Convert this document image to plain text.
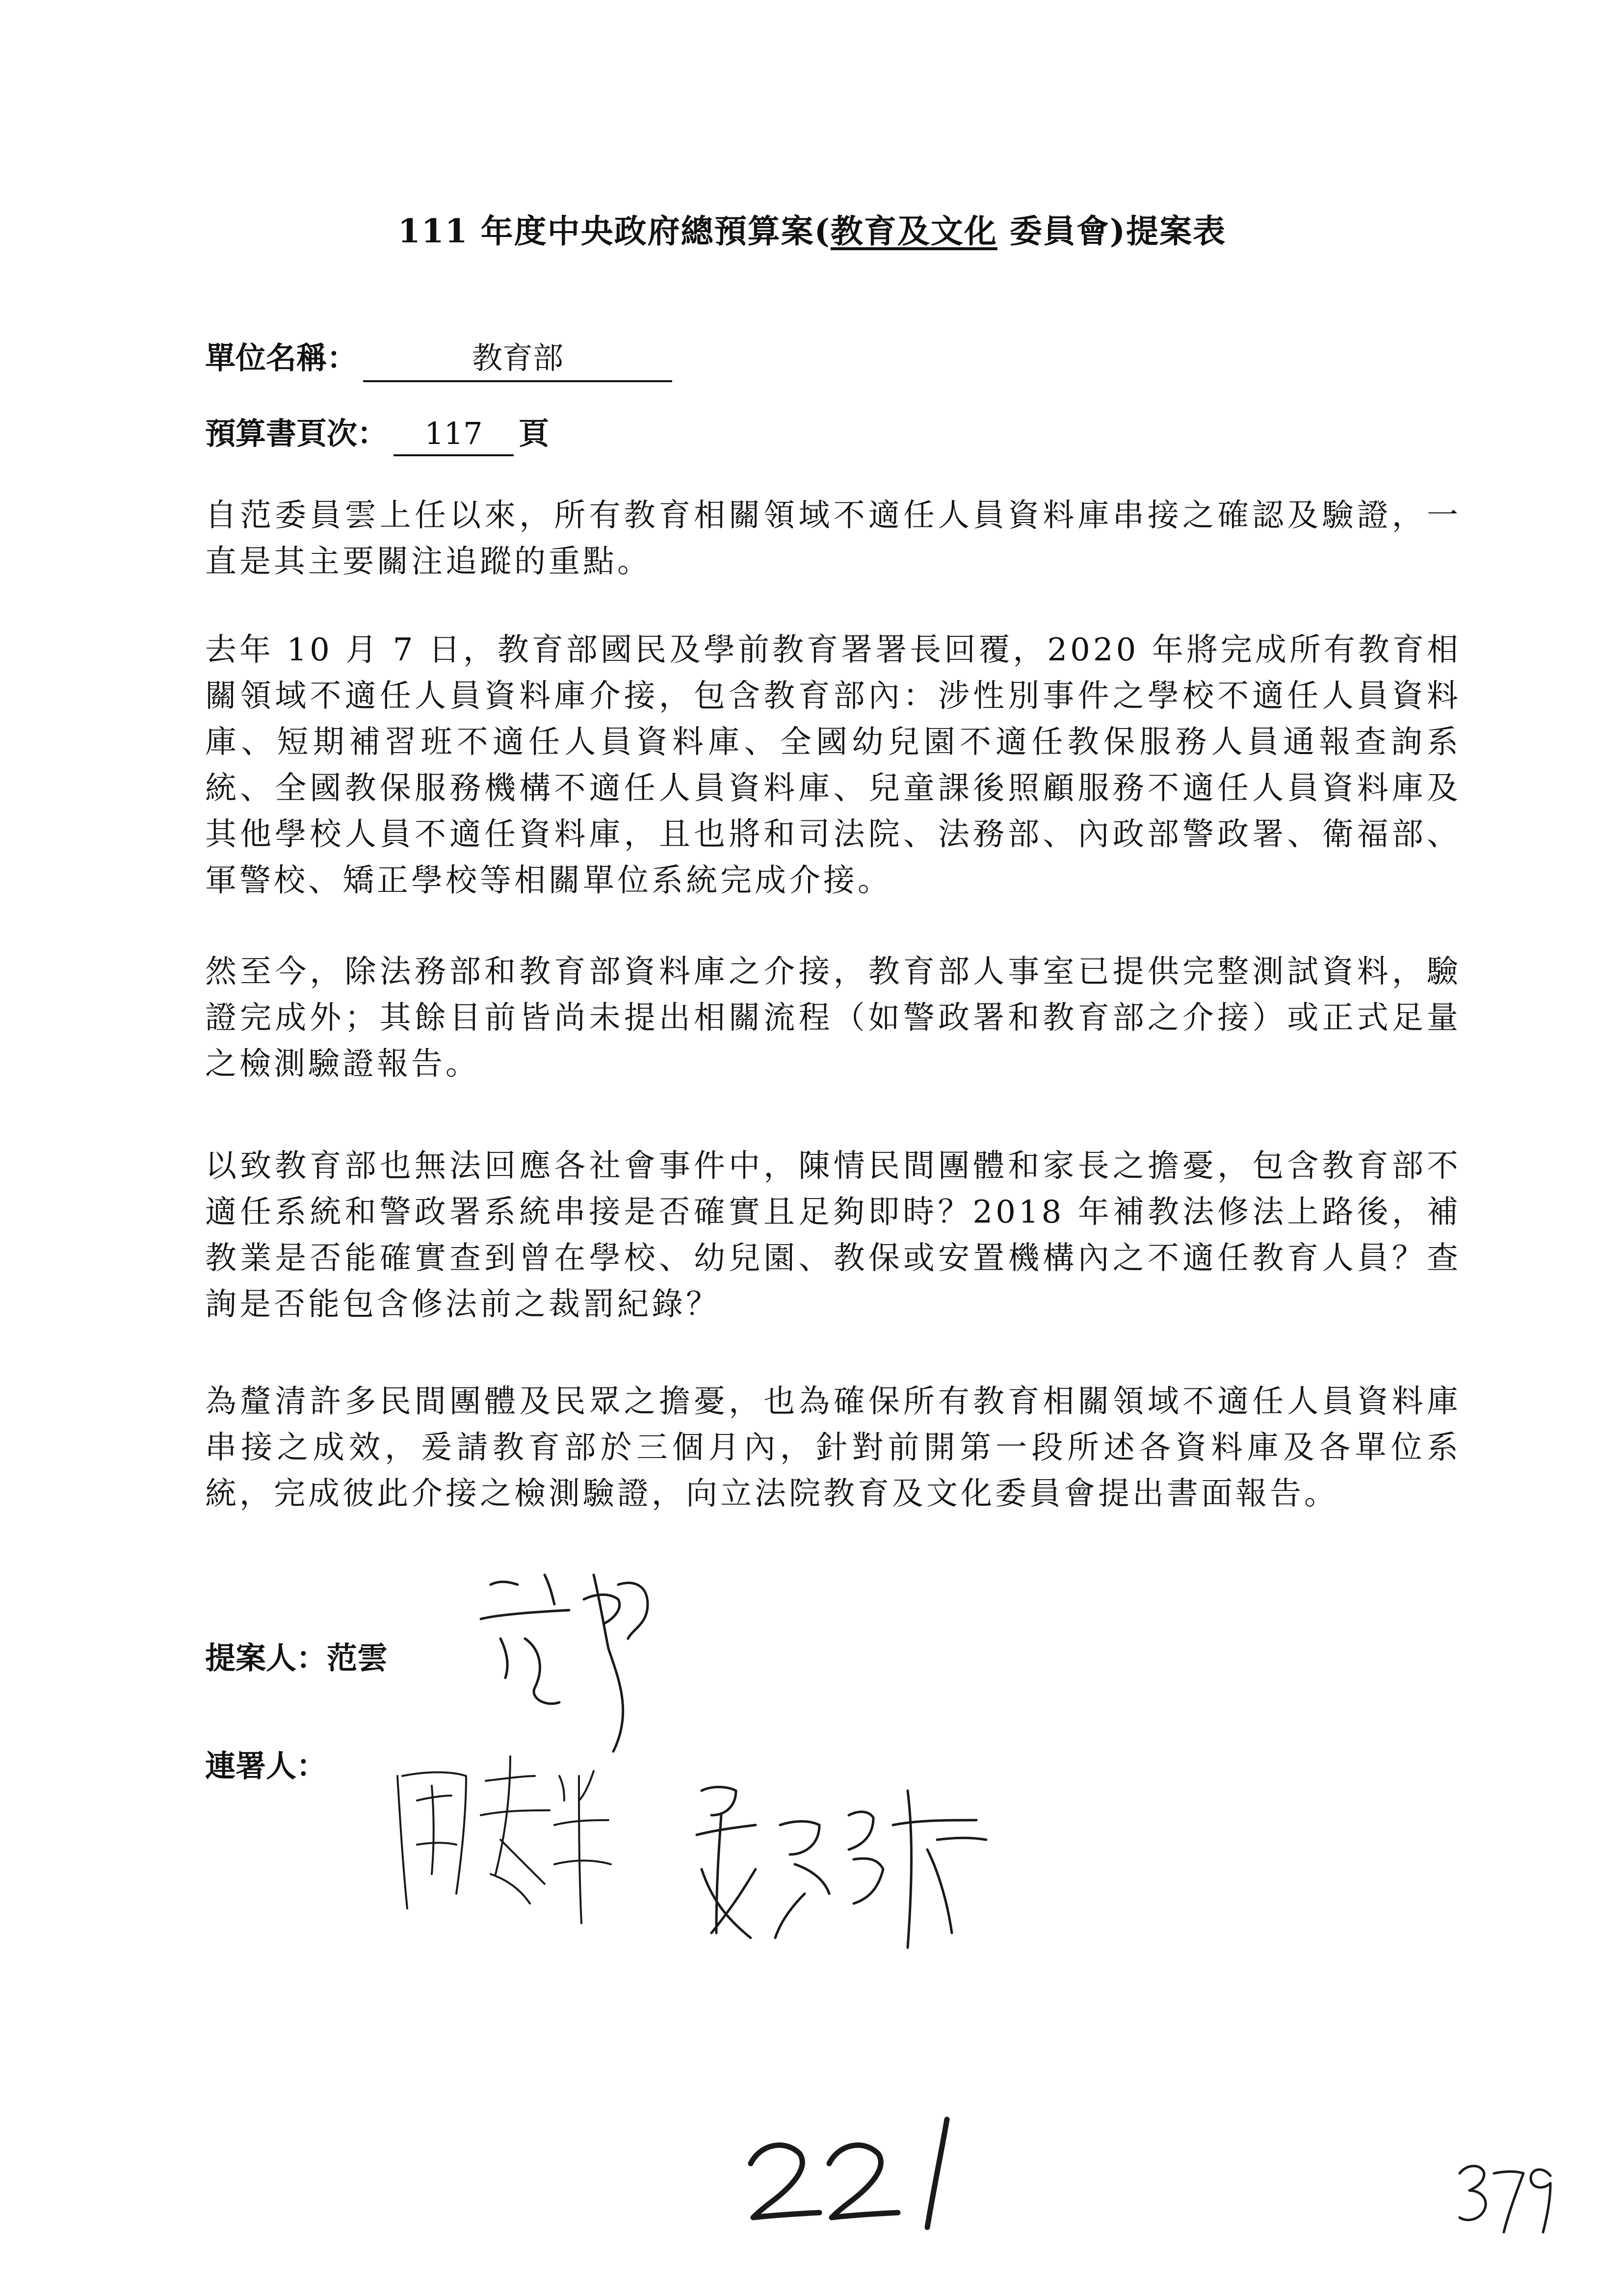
111 年度中央政府總預算案(教育及文化 委員會)提案表
單位名稱：	教育部
預算書頁次：	117	頁

自范委員雲上任以來，所有教育相關領域不適任人員資料庫串接之確認及驗證，一直是其主要關注追蹤的重點。

去年 10 月 7 日，教育部國民及學前教育署署長回覆，2020 年將完成所有教育相關領域不適任人員資料庫介接，包含教育部內：涉性別事件之學校不適任人員資料庫、短期補習班不適任人員資料庫、全國幼兒園不適任教保服務人員通報查詢系統、全國教保服務機構不適任人員資料庫、兒童課後照顧服務不適任人員資料庫及其他學校人員不適任資料庫，且也將和司法院、法務部、內政部警政署、衛福部、軍警校、矯正學校等相關單位系統完成介接。

然至今，除法務部和教育部資料庫之介接，教育部人事室已提供完整測試資料，驗證完成外；其餘目前皆尚未提出相關流程（如警政署和教育部之介接）或正式足量之檢測驗證報告。

以致教育部也無法回應各社會事件中，陳情民間團體和家長之擔憂，包含教育部不適任系統和警政署系統串接是否確實且足夠即時？2018 年補教法修法上路後，補教業是否能確實查到曾在學校、幼兒園、教保或安置機構內之不適任教育人員？查詢是否能包含修法前之裁罰紀錄？

為釐清許多民間團體及民眾之擔憂，也為確保所有教育相關領域不適任人員資料庫串接之成效，爰請教育部於三個月內，針對前開第一段所述各資料庫及各單位系統，完成彼此介接之檢測驗證，向立法院教育及文化委員會提出書面報告。

提案人：范雲
連署人：
